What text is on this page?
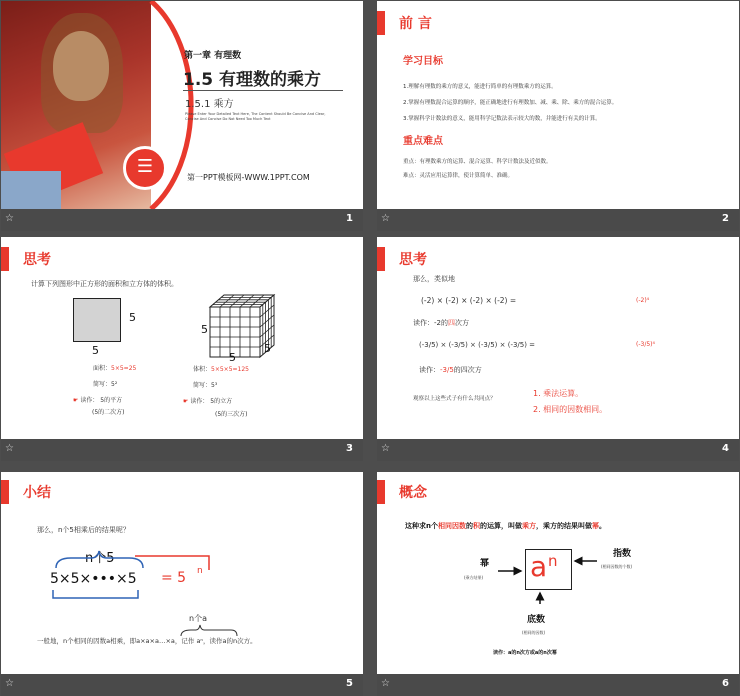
☰
第一章 有理数
1.5 有理数的乘方
1.5.1 乘方
Please Enter Your Detailed Text Here, The Content Should Be Concise And Clear, Concise And Concise Do Not Need Too Much Text
第一PPT模板网-WWW.1PPT.COM
☆	1
前 言
学习目标
1.理解有理数的乘方的意义，能进行简单的有理数乘方的运算。
2.掌握有理数混合运算的顺序，能正确地进行有理数加、减、乘、除、乘方的混合运算。
3.掌握科学计数法的意义，能用科学记数法表示较大的数，并能进行有关的计算。
重点难点
重点：有理数乘方的运算、混合运算、科学计数法及近似数。
难点：灵活应用运算律，使计算简单、准确。
☆	2
思考
计算下列图形中正方形的面积和立方体的体积。
5
5
5
5
5
面积：5×5=25
简写：5²
☛ 读作： 5的平方
(5的二次方)
体积：5×5×5=125
简写：5³
☛ 读作： 5的立方
(5的三次方)
☆	3
思考
那么，类似地
(-2) × (-2) × (-2) × (-2) =	(-2)⁴
读作：-2的四次方
(-3/5) × (-3/5) × (-3/5) × (-3/5) =	(-3/5)⁴
读作：-3/5的四次方
观察以上这些式子有什么共同点？
1. 乘法运算。
2. 相同的因数相同。
☆	4
小结
那么，n个5相乘后的结果呢？
n个5
5×5×•••×5 = 5 n
n个a
一般地，n个相同的因数a相乘，即a×a×a…×a，记作 aⁿ，读作a的n次方。
☆	5
概念
这种求n个相同因数的积的运算，叫做乘方，乘方的结果叫做幂。
a n
幂
(乘方结果)
指数
(相同因数的个数)
底数
(相同的因数)
读作：a的n次方或a的n次幂
☆	6
